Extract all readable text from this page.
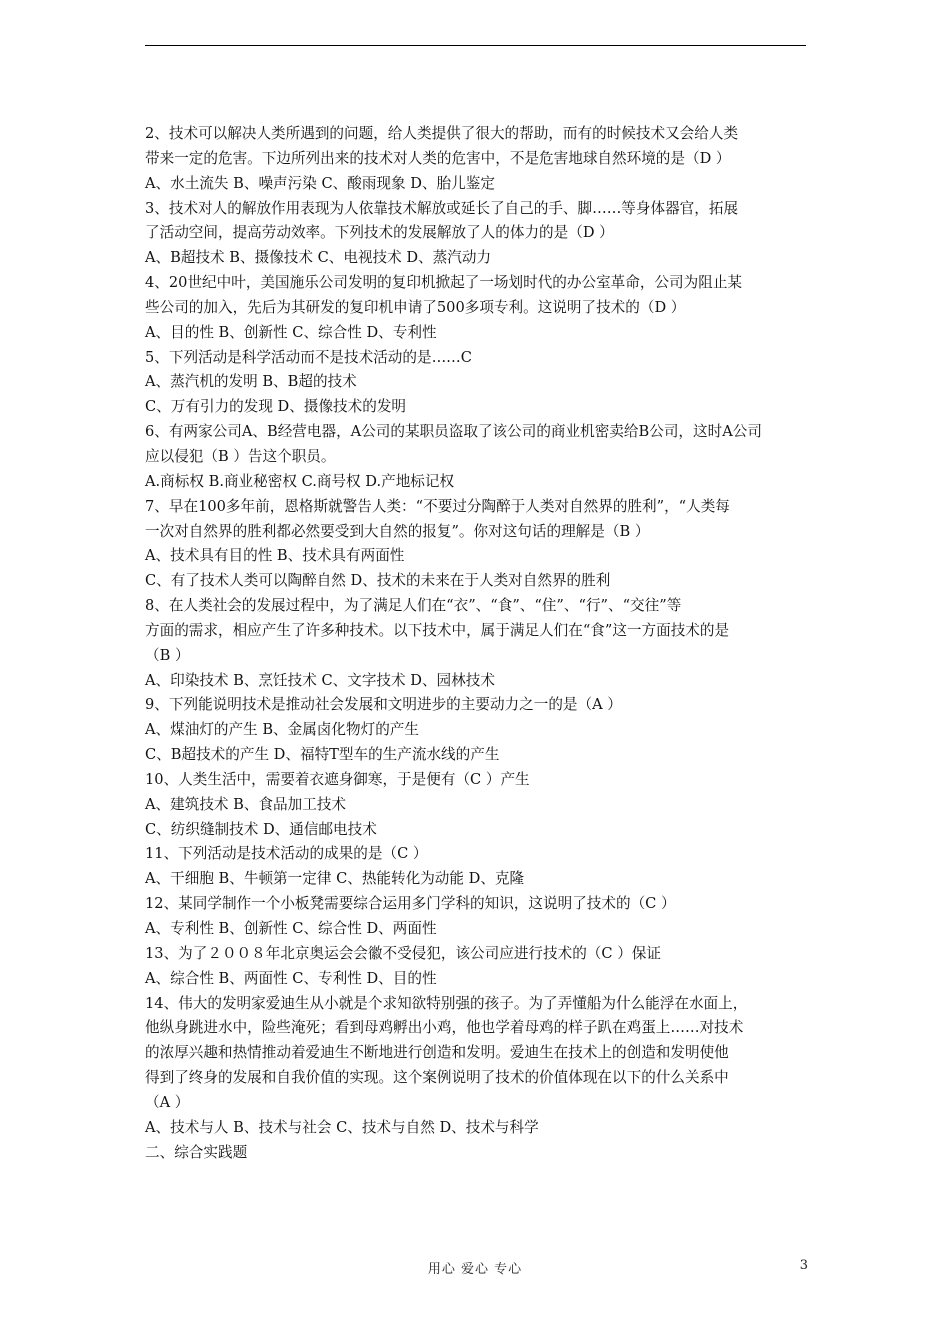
2、技术可以解决人类所遇到的问题，给人类提供了很大的帮助，而有的时候技术又会给人类
带来一定的危害。下边所列出来的技术对人类的危害中，不是危害地球自然环境的是（D ）
A、水土流失 B、噪声污染 C、酸雨现象 D、胎儿鉴定
3、技术对人的解放作用表现为人依靠技术解放或延长了自己的手、脚……等身体器官，拓展
了活动空间，提高劳动效率。下列技术的发展解放了人的体力的是（D ）
A、B超技术 B、摄像技术 C、电视技术 D、蒸汽动力
4、20世纪中叶，美国施乐公司发明的复印机掀起了一场划时代的办公室革命，公司为阻止某
些公司的加入，先后为其研发的复印机申请了500多项专利。这说明了技术的（D ）
A、目的性 B、创新性 C、综合性 D、专利性
5、下列活动是科学活动而不是技术活动的是……C
A、蒸汽机的发明 B、B超的技术
C、万有引力的发现 D、摄像技术的发明
6、有两家公司A、B经营电器，A公司的某职员盗取了该公司的商业机密卖给B公司，这时A公司
应以侵犯（B ）告这个职员。
A.商标权 B.商业秘密权 C.商号权 D.产地标记权
7、早在100多年前，恩格斯就警告人类：“不要过分陶醉于人类对自然界的胜利”，“人类每
一次对自然界的胜利都必然要受到大自然的报复”。你对这句话的理解是（B ）
A、技术具有目的性 B、技术具有两面性
C、有了技术人类可以陶醉自然 D、技术的未来在于人类对自然界的胜利
8、在人类社会的发展过程中，为了满足人们在“衣”、“食”、“住”、“行”、“交往”等
方面的需求，相应产生了许多种技术。以下技术中，属于满足人们在“食”这一方面技术的是
（B ）
A、印染技术 B、烹饪技术 C、文字技术 D、园林技术
9、下列能说明技术是推动社会发展和文明进步的主要动力之一的是（A ）
A、煤油灯的产生 B、金属卤化物灯的产生
C、B超技术的产生 D、福特T型车的生产流水线的产生
10、人类生活中，需要着衣遮身御寒，于是便有（C ）产生
A、建筑技术 B、食品加工技术
C、纺织缝制技术 D、通信邮电技术
11、下列活动是技术活动的成果的是（C ）
A、干细胞 B、牛顿第一定律 C、热能转化为动能 D、克隆
12、某同学制作一个小板凳需要综合运用多门学科的知识，这说明了技术的（C ）
A、专利性 B、创新性 C、综合性 D、两面性
13、为了２００８年北京奥运会会徽不受侵犯，该公司应进行技术的（C ）保证
A、综合性 B、两面性 C、专利性 D、目的性
14、伟大的发明家爱迪生从小就是个求知欲特别强的孩子。为了弄懂船为什么能浮在水面上，
他纵身跳进水中，险些淹死；看到母鸡孵出小鸡，他也学着母鸡的样子趴在鸡蛋上……对技术
的浓厚兴趣和热情推动着爱迪生不断地进行创造和发明。爱迪生在技术上的创造和发明使他
得到了终身的发展和自我价值的实现。这个案例说明了技术的价值体现在以下的什么关系中
（A ）
A、技术与人 B、技术与社会 C、技术与自然 D、技术与科学
二、综合实践题
用心 爱心 专心	3
